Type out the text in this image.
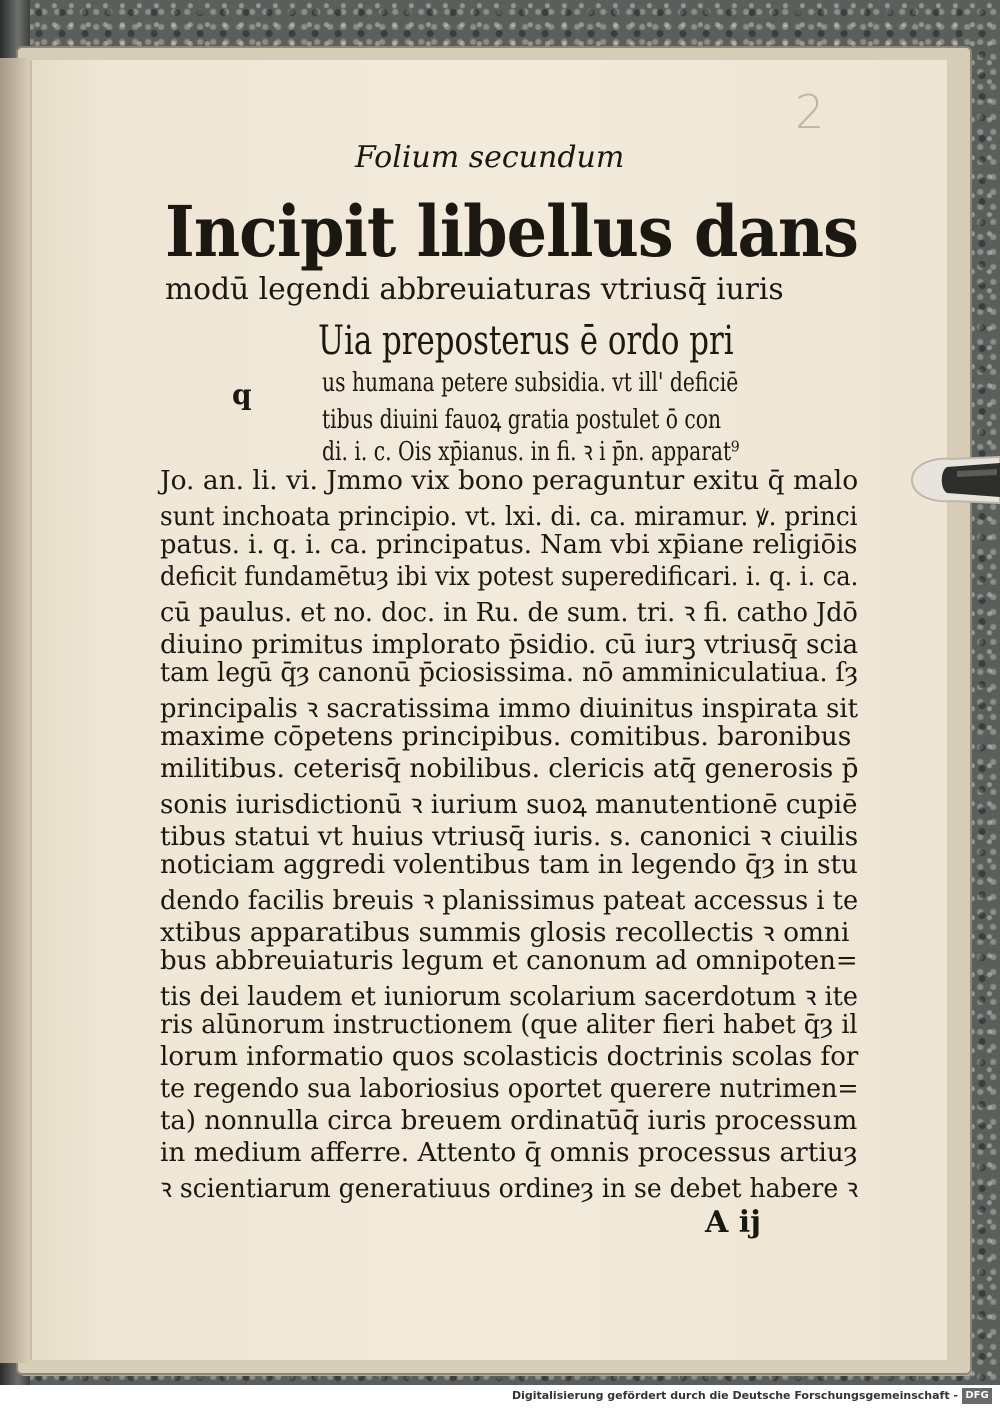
2
Folium secundum
Incipit libellus dans
modū legendi abbreuiaturas vtriusq̄ iuris
Uia preposterus ē ordo pri
q	us humana petere subsidia. vt ill' deficiē
tibus diuini fauoꝝ gratia postulet ō con
di. i. c. Ois xp̄ianus. in fi. ꝛ i p̄n. apparat⁹
Jo. an. li. vi. Jmmo vix bono peraguntur exitu q̄ malo
sunt inchoata principio. vt. lxi. di. ca. miramur. ꝟ. princi
patus. i. q. i. ca. principatus. Nam vbi xp̄iane religiōis
deficit fundamētuȝ ibi vix potest superedificari. i. q. i. ca.
cū paulus. et no. doc. in Ru. de sum. tri. ꝛ fi. catho Jdō
diuino primitus implorato p̄sidio. cū iurꝫ vtriusq̄ scia
tam legū q̄ȝ canonū p̄ciosissima. nō amminiculatiua. ſȝ
principalis ꝛ sacratissima immo diuinitus inspirata sit
maxime cōpetens principibus. comitibus. baronibus
militibus. ceterisq̄ nobilibus. clericis atq̄ generosis p̄
sonis iurisdictionū ꝛ iurium suoꝝ manutentionē cupiē
tibus statui vt huius vtriusq̄ iuris. s. canonici ꝛ ciuilis
noticiam aggredi volentibus tam in legendo q̄ȝ in stu
dendo facilis breuis ꝛ planissimus pateat accessus i te
xtibus apparatibus summis glosis recollectis ꝛ omni
bus abbreuiaturis legum et canonum ad omnipoten=
tis dei laudem et iuniorum scolarium sacerdotum ꝛ ite
ris alūnorum instructionem (que aliter fieri habet q̄ȝ il
lorum informatio quos scolasticis doctrinis scolas for
te regendo sua laboriosius oportet querere nutrimen=
ta) nonnulla circa breuem ordinatūq̄ iuris processum
in medium afferre. Attento q̄ omnis processus artiuȝ
ꝛ scientiarum generatiuus ordineȝ in se debet habere ꝛ
A ij
Digitalisierung gefördert durch die Deutsche Forschungsgemeinschaft - DFG
